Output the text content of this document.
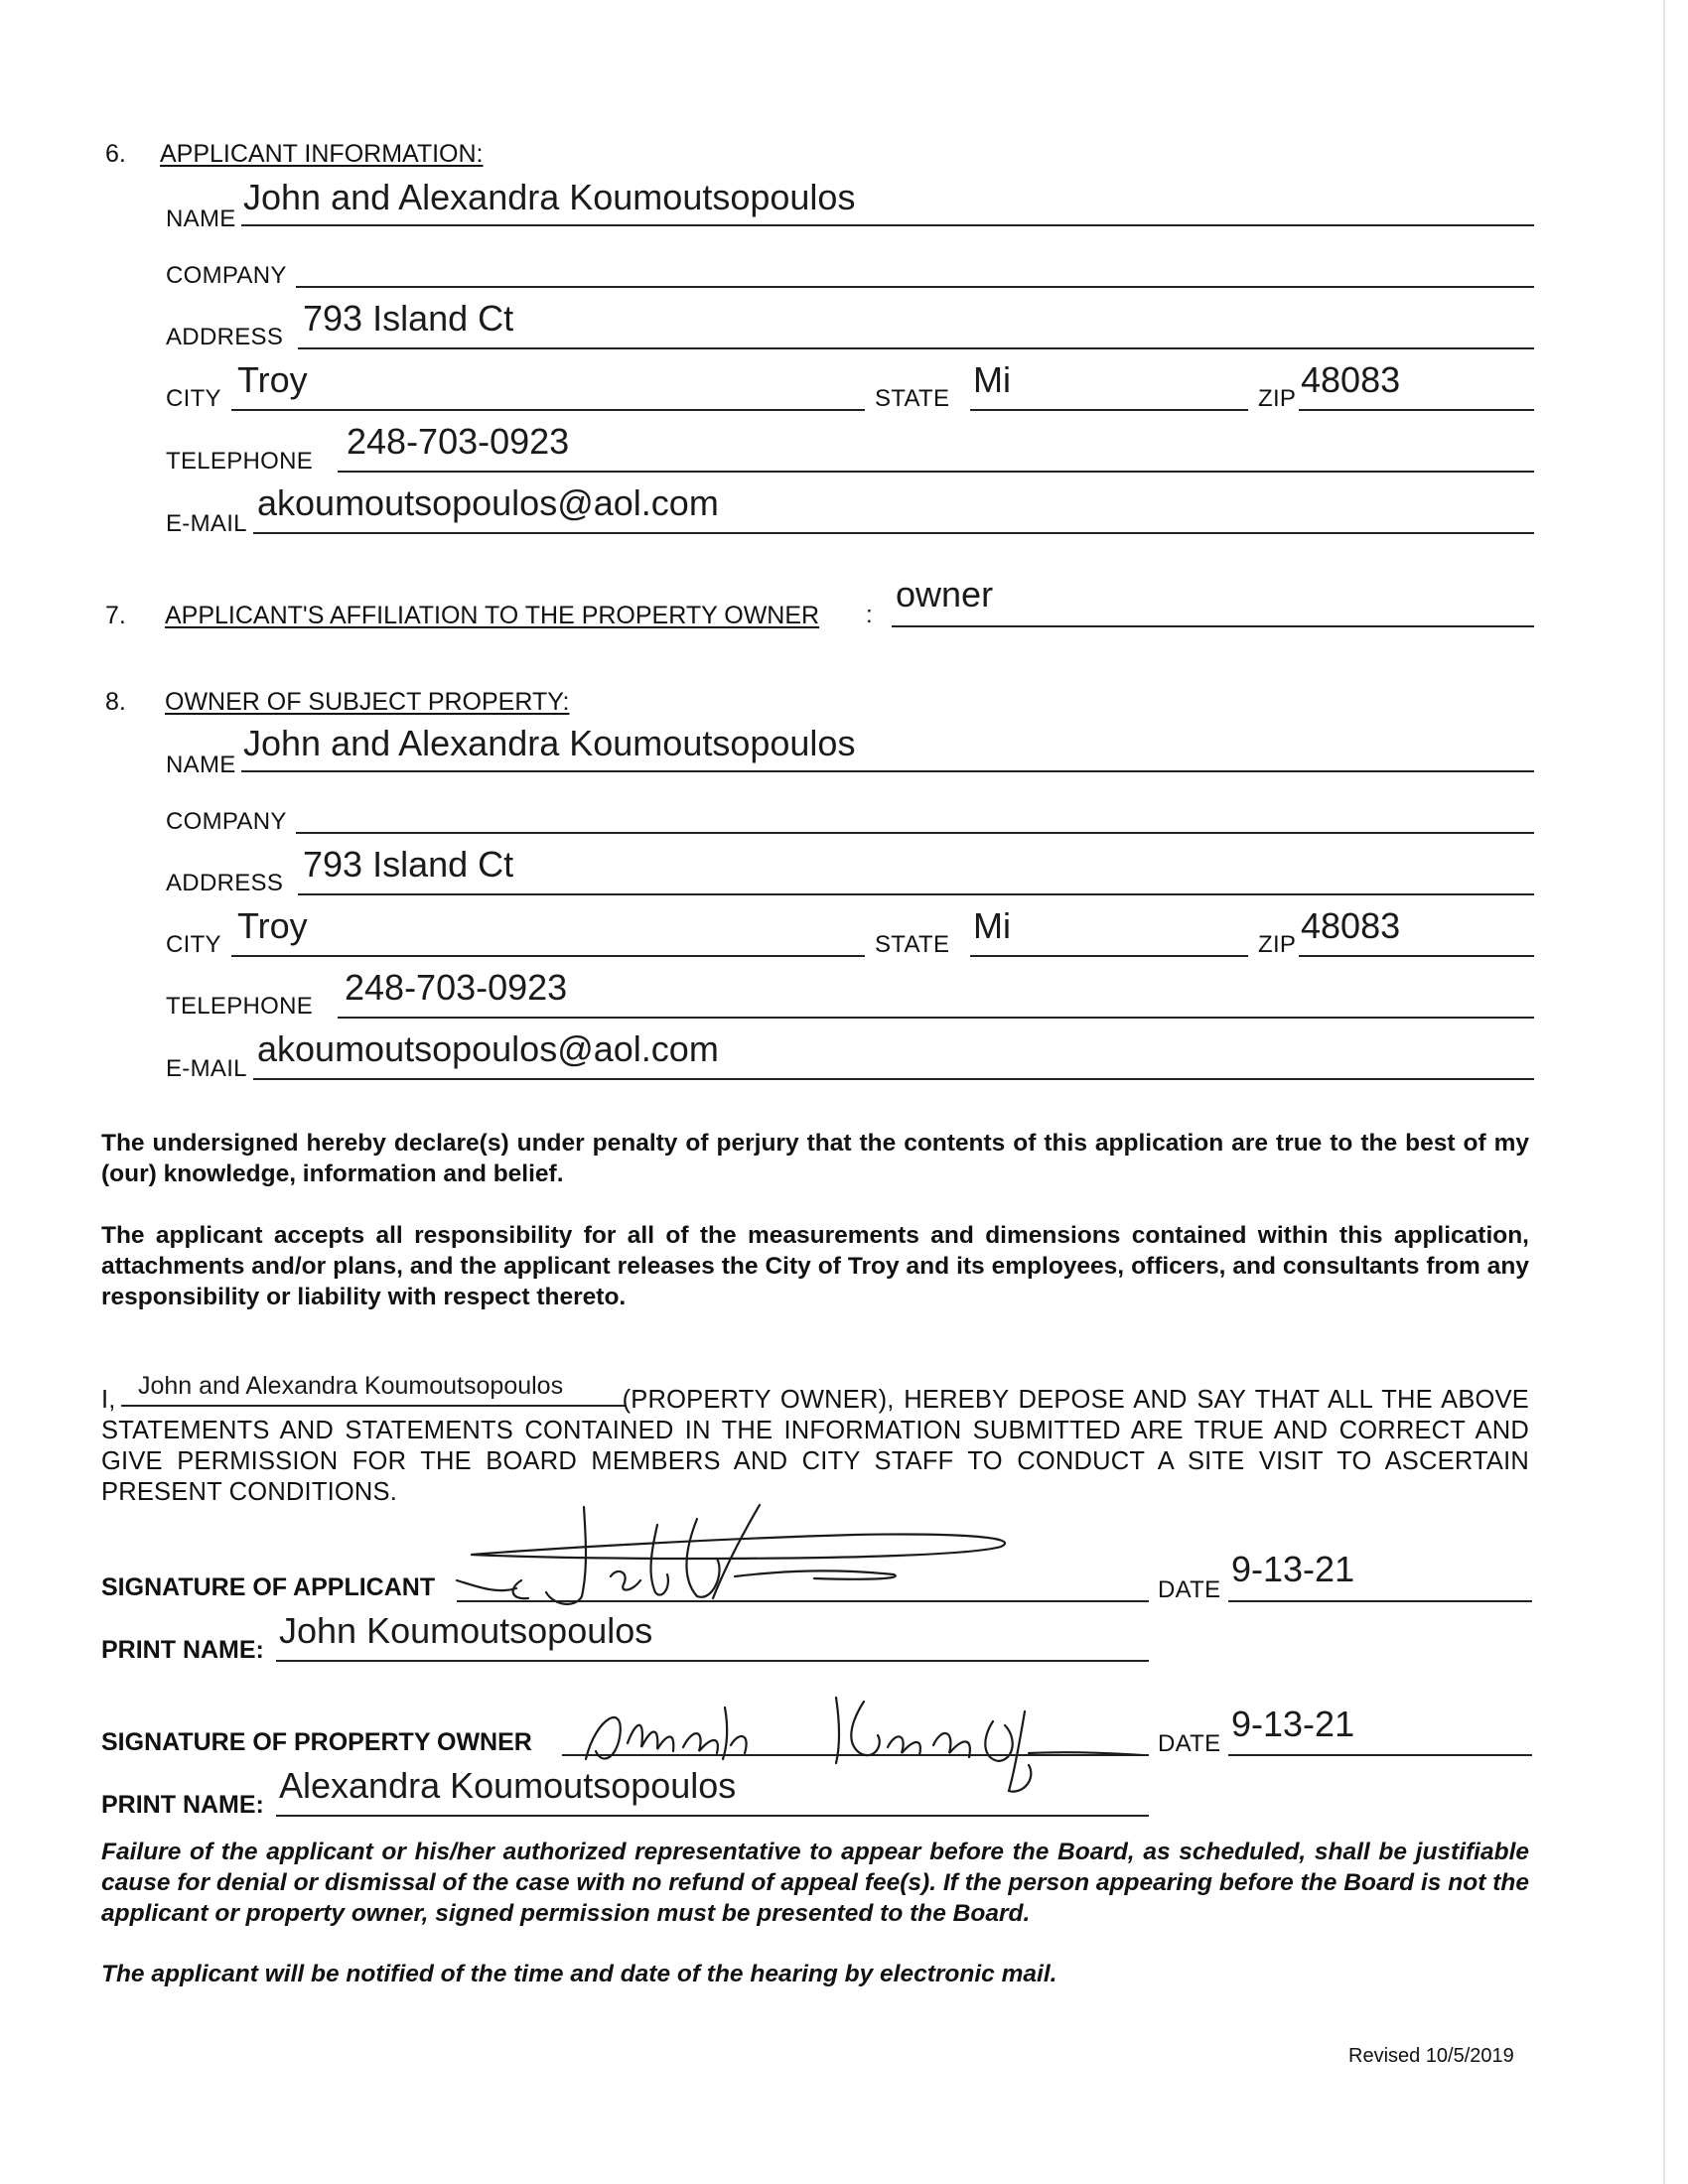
6. APPLICANT INFORMATION:
NAME
John and Alexandra Koumoutsopoulos
COMPANY
ADDRESS 793 Island Ct
CITY Troy	STATE Mi	ZIP 48083
TELEPHONE 248-703-0923
E-MAIL
akoumoutsopoulos@aol.com
7. APPLICANT'S AFFILIATION TO THE PROPERTY OWNER :
owner
8. OWNER OF SUBJECT PROPERTY:
NAME
John and Alexandra Koumoutsopoulos
COMPANY
ADDRESS 793 Island Ct
CITY Troy	STATE Mi	ZIP 48083
TELEPHONE 248-703-0923
E-MAIL akoumoutsopoulos@aol.com

The undersigned hereby declare(s) under penalty of perjury that the contents of this application are true to the best of my (our) knowledge, information and belief.

The applicant accepts all responsibility for all of the measurements and dimensions contained within this application, attachments and/or plans, and the applicant releases the City of Troy and its employees, officers, and consultants from any responsibility or liability with respect thereto.

John and Alexandra Koumoutsopoulos

I,	(PROPERTY OWNER), HEREBY DEPOSE AND SAY THAT ALL THE ABOVE STATEMENTS AND STATEMENTS CONTAINED IN THE INFORMATION SUBMITTED ARE TRUE AND CORRECT AND GIVE PERMISSION FOR THE BOARD MEMBERS AND CITY STAFF TO CONDUCT A SITE VISIT TO ASCERTAIN PRESENT CONDITIONS.

SIGNATURE OF APPLICANT	DATE
9-13-21
PRINT NAME: John Koumoutsopoulos
SIGNATURE OF PROPERTY OWNER	DATE 9-13-21
PRINT NAME: Alexandra Koumoutsopoulos

Failure of the applicant or his/her authorized representative to appear before the Board, as scheduled, shall be justifiable cause for denial or dismissal of the case with no refund of appeal fee(s). If the person appearing before the Board is not the applicant or property owner, signed permission must be presented to the Board.

The applicant will be notified of the time and date of the hearing by electronic mail.

Revised 10/5/2019
